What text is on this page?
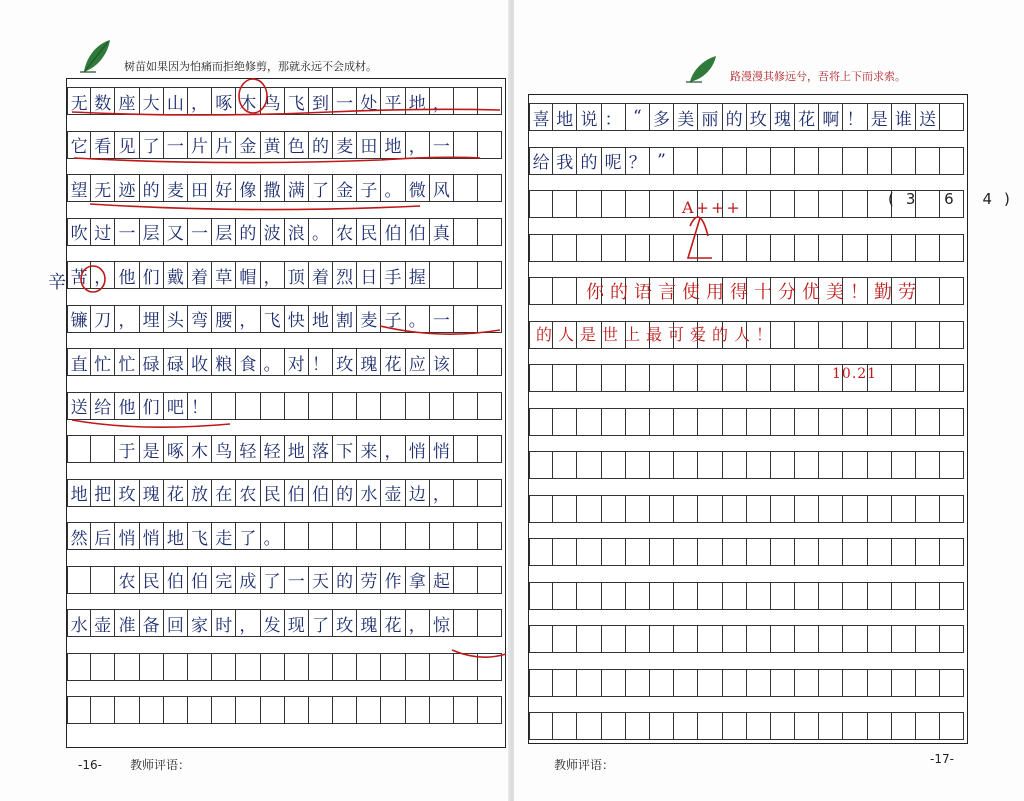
树苗如果因为怕痛而拒绝修剪，那就永远不会成材。
辛
无 数 座 大 山 ， 啄 木 鸟 飞 到 一 处 平 地 ，
它 看 见 了 一 片 片 金 黄 色 的 麦 田 地 ， 一
望 无 迹 的 麦 田 好 像 撒 满 了 金 子 。 微 风
吹 过 一 层 又 一 层 的 波 浪 。 农 民 伯 伯 真
苦 ， 他 们 戴 着 草 帽 ， 顶 着 烈 日 手 握
镰 刀 ， 埋 头 弯 腰 ， 飞 快 地 割 麦 子 。 一
直 忙 忙 碌 碌 收 粮 食 。 对 ！ 玫 瑰 花 应 该
送 给 他 们 吧 ！

于 是 啄 木 鸟 轻 轻 地 落 下 来 ， 悄 悄
地 把 玫 瑰 花 放 在 农 民 伯 伯 的 水 壶 边 ，
然 后 悄 悄 地 飞 走 了 。

农 民 伯 伯 完 成 了 一 天 的 劳 作 拿 起
水 壶 准 备 回 家 时 ， 发 现 了 玫 瑰 花 ， 惊
-16- 教师评语：
路漫漫其修远兮，吾将上下而求索。
喜 地 说 ： “ 多 美 丽 的 玫 瑰 花 啊 ！ 是 谁 送
给 我 的 呢 ？ ”
(3 6 4)
你的语言使用得十分优美！勤劳
的人是世上最可爱的人！
A+++
10.21
教师评语：	-17-
